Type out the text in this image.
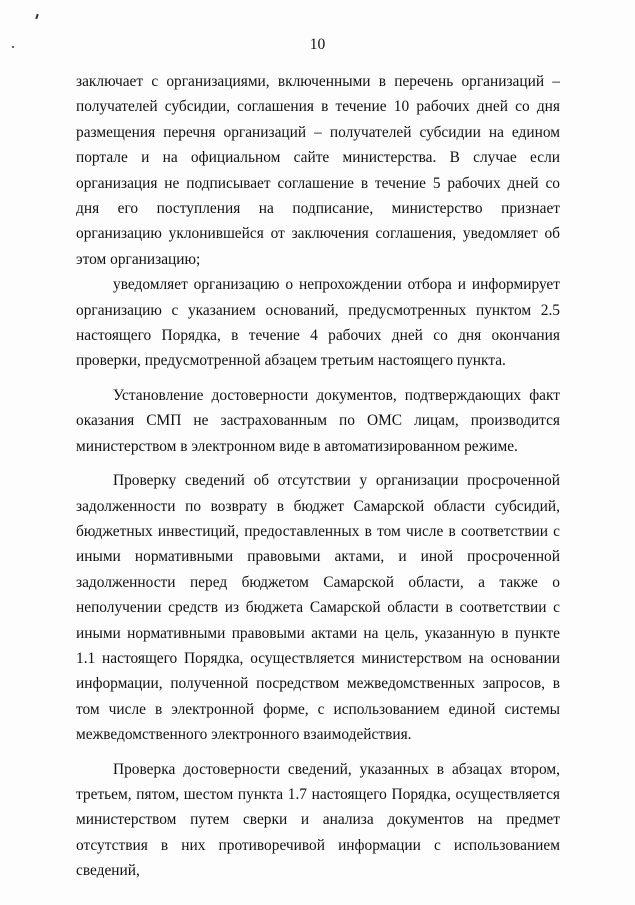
10

заключает с организациями, включенными в перечень организаций – получателей субсидии, соглашения в течение 10 рабочих дней со дня размещения перечня организаций – получателей субсидии на едином портале и на официальном сайте министерства. В случае если организация не подписывает соглашение в течение 5 рабочих дней со дня его поступления на подписание, министерство признает организацию уклонившейся от заключения соглашения, уведомляет об этом организацию;

уведомляет организацию о непрохождении отбора и информирует организацию с указанием оснований, предусмотренных пунктом 2.5 настоящего Порядка, в течение 4 рабочих дней со дня окончания проверки, предусмотренной абзацем третьим настоящего пункта.

Установление достоверности документов, подтверждающих факт оказания СМП не застрахованным по ОМС лицам, производится министерством в электронном виде в автоматизированном режиме.

Проверку сведений об отсутствии у организации просроченной задолженности по возврату в бюджет Самарской области субсидий, бюджетных инвестиций, предоставленных в том числе в соответствии с иными нормативными правовыми актами, и иной просроченной задолженности перед бюджетом Самарской области, а также о неполучении средств из бюджета Самарской области в соответствии с иными нормативными правовыми актами на цель, указанную в пункте 1.1 настоящего Порядка, осуществляется министерством на основании информации, полученной посредством межведомственных запросов, в том числе в электронной форме, с использованием единой системы межведомственного электронного взаимодействия.

Проверка достоверности сведений, указанных в абзацах втором, третьем, пятом, шестом пункта 1.7 настоящего Порядка, осуществляется министерством путем сверки и анализа документов на предмет отсутствия в них противоречивой информации с использованием сведений,
